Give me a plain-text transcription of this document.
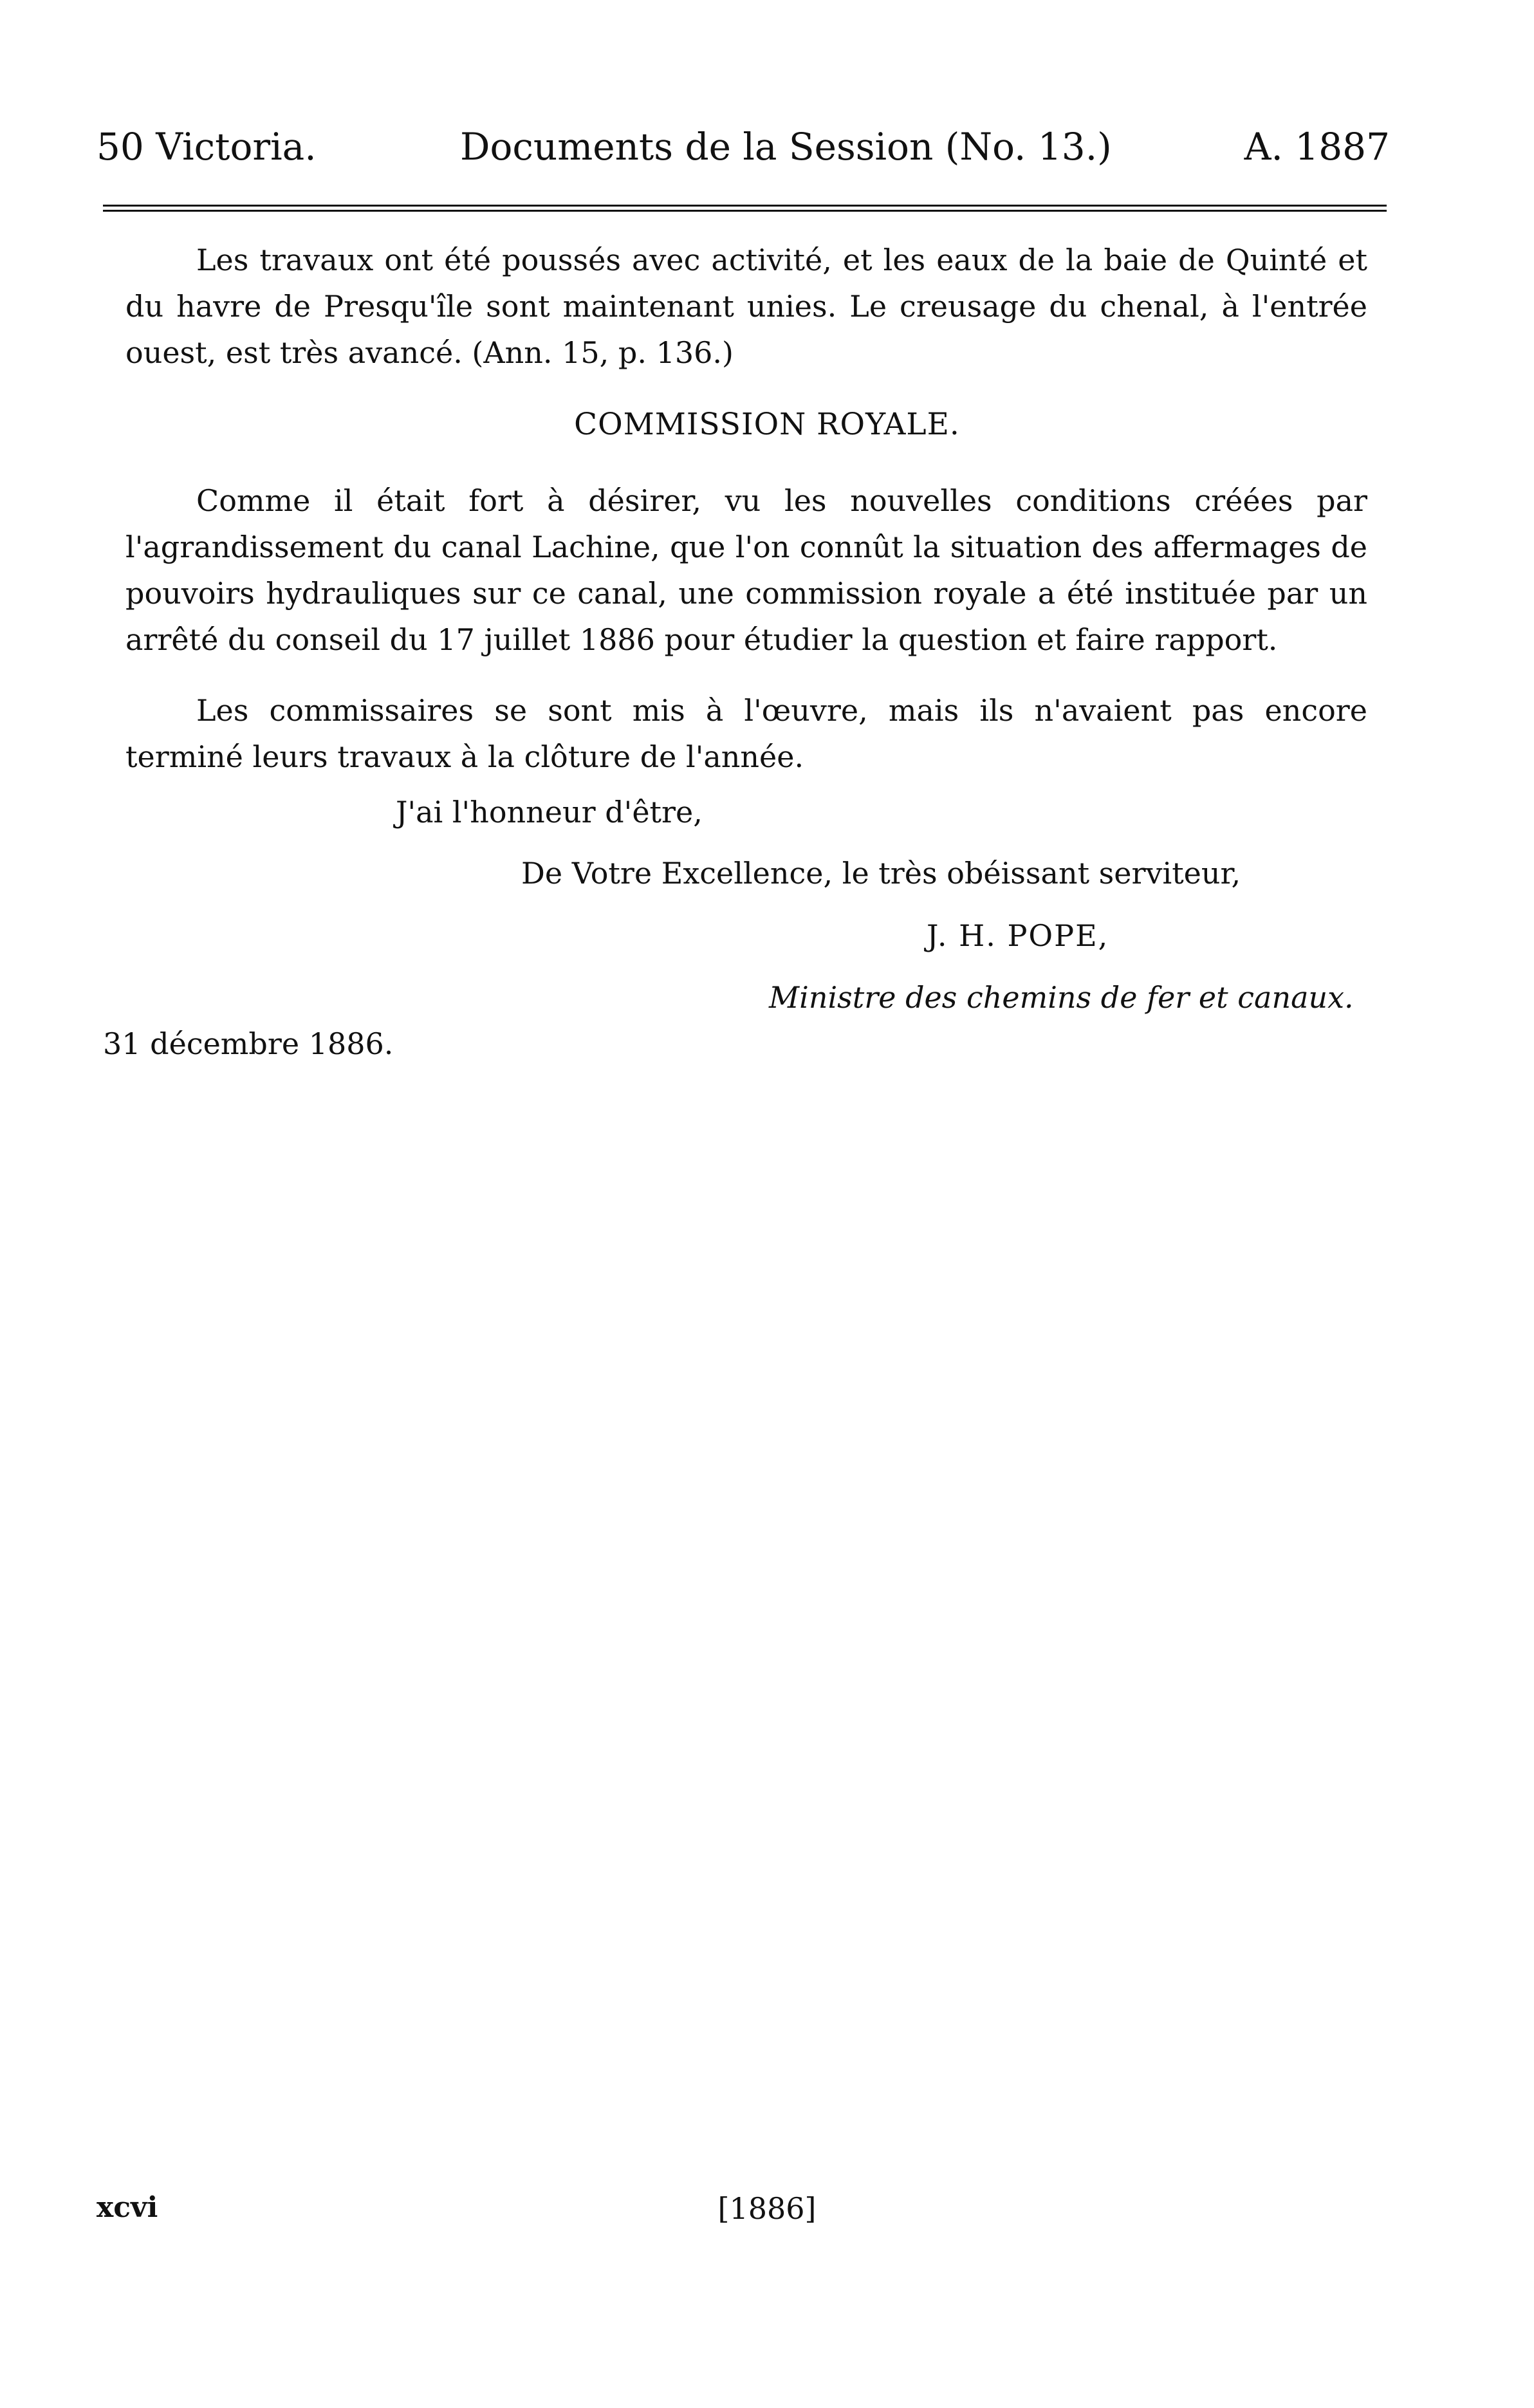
50 Victoria.	Documents de la Session (No. 13.)	A. 1887

Les travaux ont été poussés avec activité, et les eaux de la baie de Quinté et du havre de Presqu'île sont maintenant unies. Le creusage du chenal, à l'entrée ouest, est très avancé. (Ann. 15, p. 136.)

COMMISSION ROYALE.

Comme il était fort à désirer, vu les nouvelles conditions créées par l'agrandissement du canal Lachine, que l'on connût la situation des affermages de pouvoirs hydrauliques sur ce canal, une commission royale a été instituée par un arrêté du conseil du 17 juillet 1886 pour étudier la question et faire rapport.

Les commissaires se sont mis à l'œuvre, mais ils n'avaient pas encore terminé leurs travaux à la clôture de l'année.

J'ai l'honneur d'être,
De Votre Excellence, le très obéissant serviteur,
J. H. POPE,
Ministre des chemins de fer et canaux.
31 décembre 1886.
xcvi	[1886]
